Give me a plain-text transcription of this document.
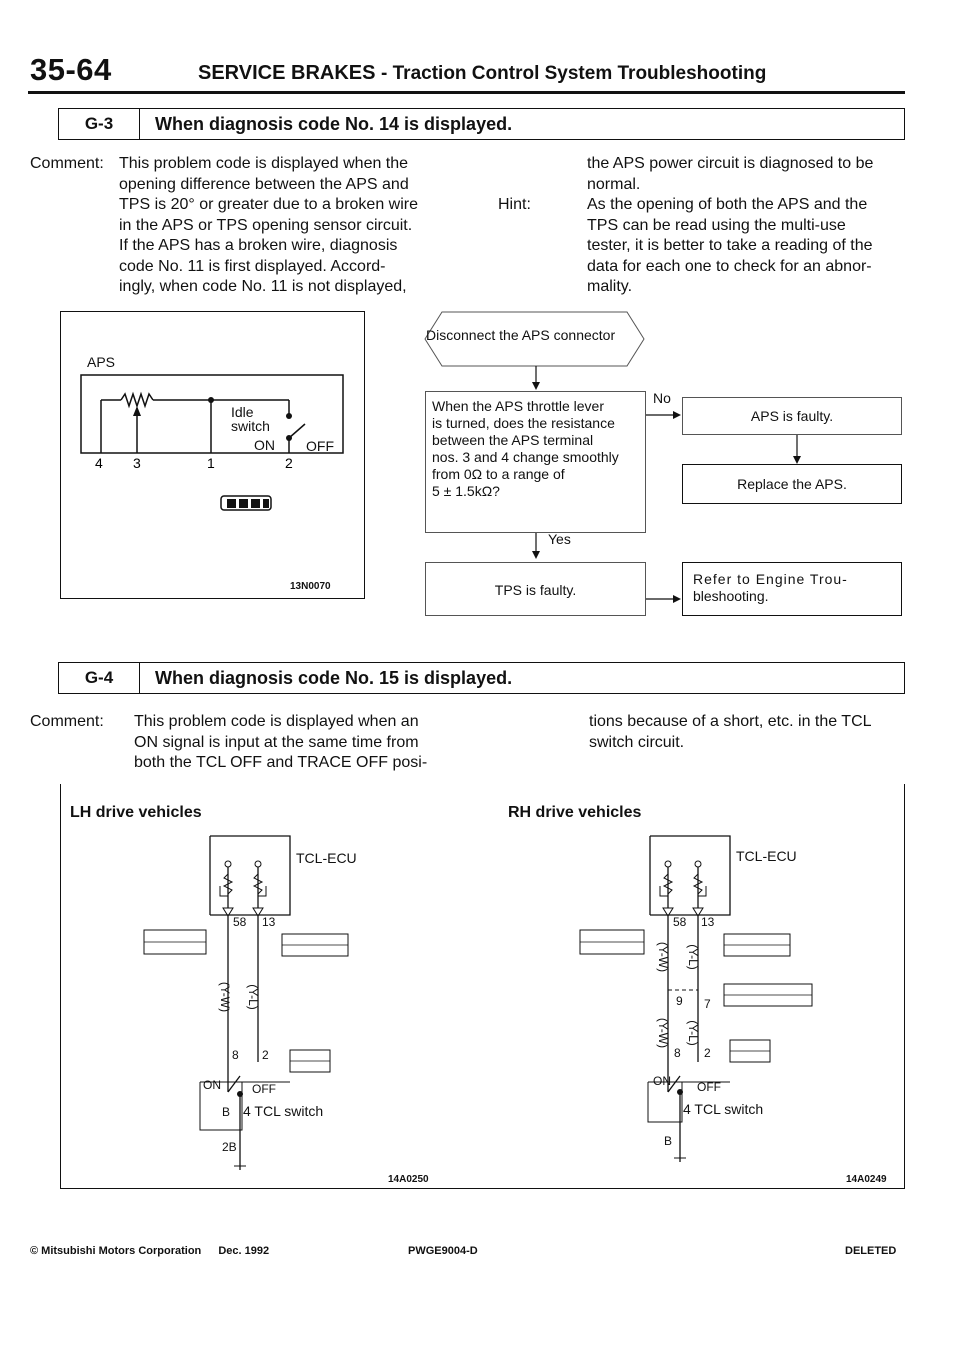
35-64	SERVICE BRAKES - Traction Control System Troubleshooting
G-3	When diagnosis code No. 14 is displayed.
Comment: This problem code is displayed when the
opening difference between the APS and
TPS is 20° or greater due to a broken wire
in the APS or TPS opening sensor circuit.
If the APS has a broken wire, diagnosis
code No. 11 is first displayed. Accord-
ingly, when code No. 11 is not displayed,
the APS power circuit is diagnosed to be
normal.
Hint:	As the opening of both the APS and the
TPS can be read using the multi-use
tester, it is better to take a reading of the
data for each one to check for an abnor-
mality.
APS
4 3	1	2
Idle
switch
ON OFF
13N0070
Disconnect the APS connector
When the APS throttle lever
is turned, does the resistance
between the APS terminal
nos. 3 and 4 change smoothly
from 0Ω to a range of
5 ± 1.5kΩ?
No
Yes
APS is faulty.
Replace the APS.
TPS is faulty.
Refer to Engine Trou-
bleshooting.
G-4	When diagnosis code No. 15 is displayed.
Comment: This problem code is displayed when an
ON signal is input at the same time from
both the TCL OFF and TRACE OFF posi-
tions because of a short, etc. in the TCL
switch circuit.
LH drive vehicles	RH drive vehicles
TCL-ECU
58 13
(Y-W) (Y-L)
8 2
ON	OFF
B 4 TCL switch
2B
14A0250
TCL-ECU
58 13
(Y-W) (Y-L)
9 7
(Y-W) (Y-L)
8 2
ON OFF
4 TCL switch
B
14A0249
© Mitsubishi Motors Corporation Dec. 1992	PWGE9004-D	DELETED
